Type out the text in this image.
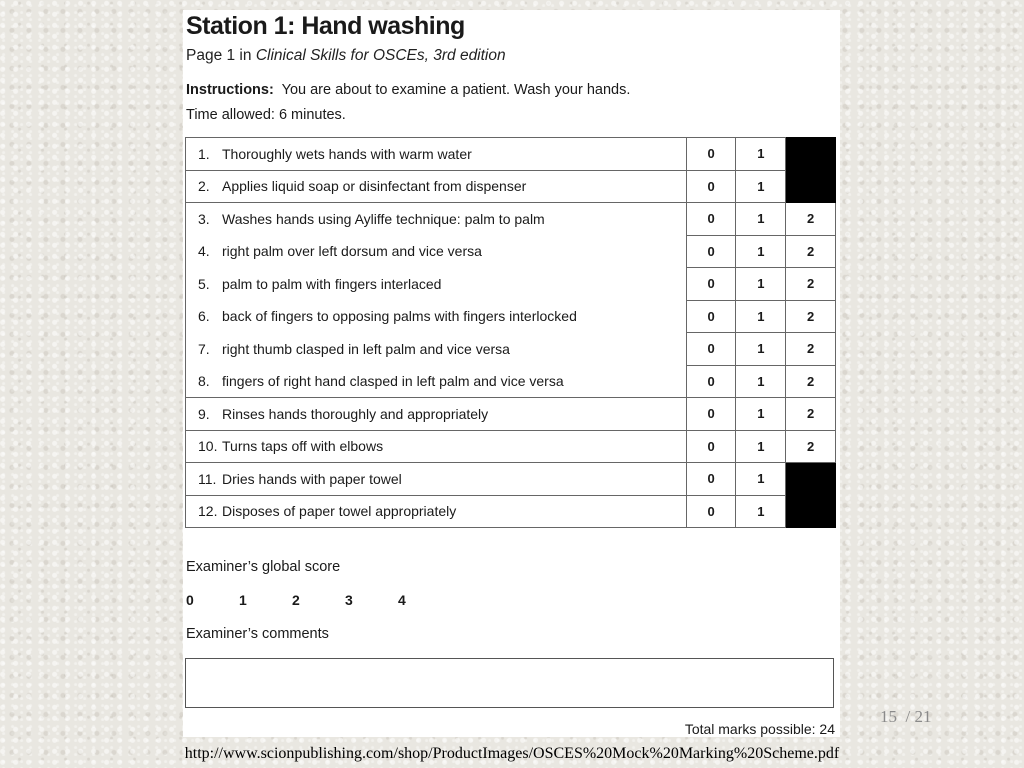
Station 1: Hand washing
Page 1 in Clinical Skills for OSCEs, 3rd edition
Instructions: You are about to examine a patient. Wash your hands.
Time allowed: 6 minutes.
1. Thoroughly wets hands with warm water	0	1	
2. Applies liquid soap or disinfectant from dispenser	0	1	
3. Washes hands using Ayliffe technique: palm to palm	0	1	2
4. right palm over left dorsum and vice versa	0	1	2
5. palm to palm with fingers interlaced	0	1	2
6. back of fingers to opposing palms with fingers interlocked	0	1	2
7. right thumb clasped in left palm and vice versa	0	1	2
8. fingers of right hand clasped in left palm and vice versa	0	1	2
9. Rinses hands thoroughly and appropriately	0	1	2
10. Turns taps off with elbows	0	1	2
11. Dries hands with paper towel	0	1	
12. Disposes of paper towel appropriately	0	1	
Examiner’s global score
0	1	2	3	4
Examiner’s comments
Total marks possible: 24
15 / 21
http://www.scionpublishing.com/shop/ProductImages/OSCES%20Mock%20Marking%20Scheme.pdf
